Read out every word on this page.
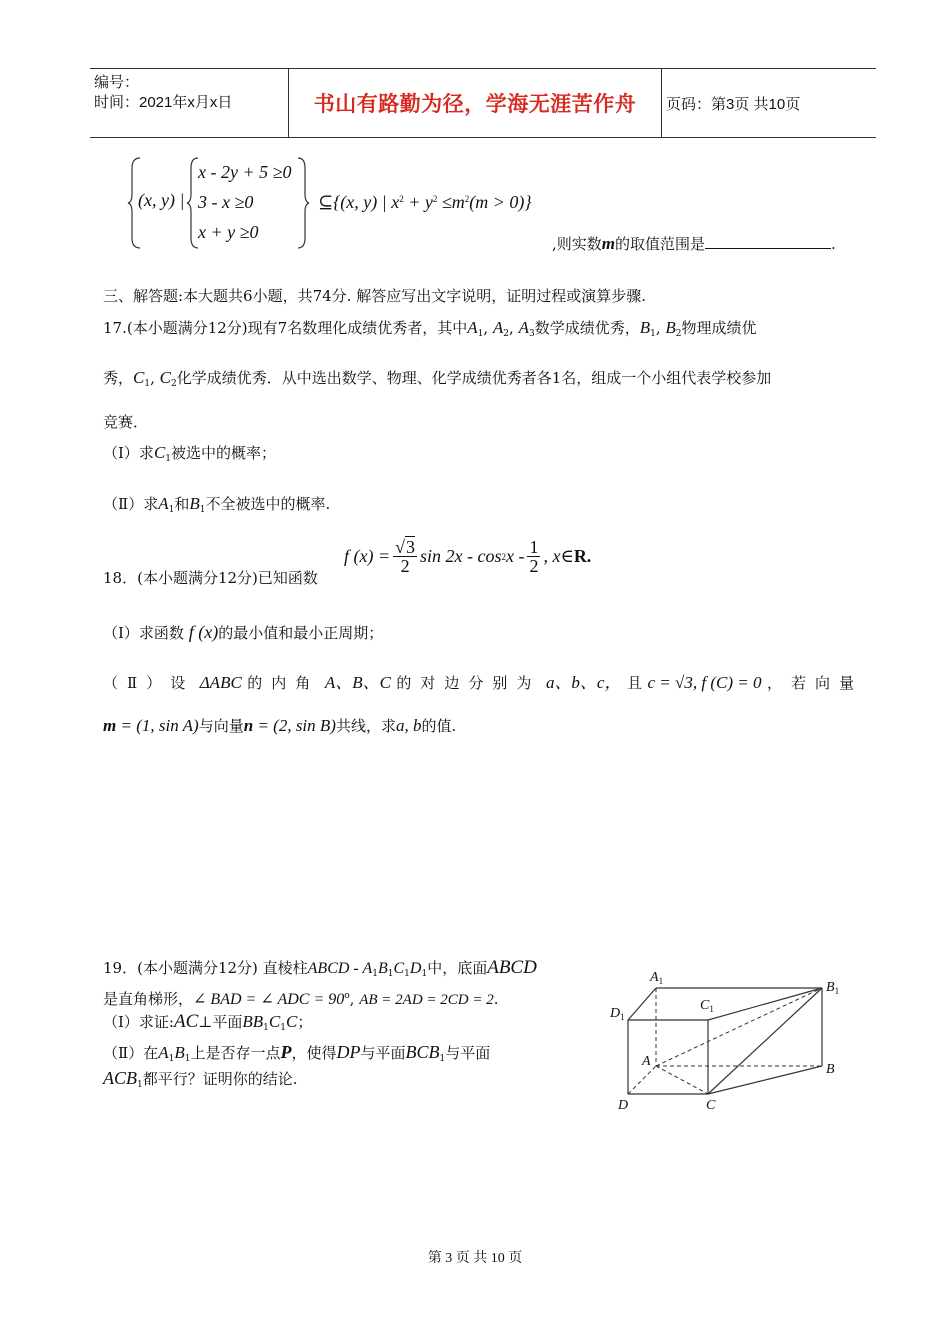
编号：
时间：2021年x月x日	书山有路勤为径，学海无涯苦作舟 页码：第3页 共10页
(x, y) |
x - 2y + 5 ≥0
3 - x ≥0
x + y ≥0
⊆{(x, y) | $x^2 + y^2 \le m^2(m > 0)$}
,则实数m的取值范围是	.
三、解答题:本大题共6小题，共74分. 解答应写出文字说明，证明过程或演算步骤.
17.(本小题满分12分)现有7名数理化成绩优秀者，其中$A_1$, $A_2$, $A_3$数学成绩优秀，$B_1$, $B_2$物理成绩优
秀，$C_1$, $C_2$化学成绩优秀．从中选出数学、物理、化学成绩优秀者各1名，组成一个小组代表学校参加
竞赛．
（Ⅰ）求$C_1$被选中的概率；
（Ⅱ）求$A_1$和$B_1$不全被选中的概率.
18．(本小题满分12分)已知函数
f $(x) = \frac{√3}{2}$ sin 2x - cos 2 x - $\frac{1}{2}$ , x∈ R.
（Ⅰ）求函数 f (x)的最小值和最小正周期；
（Ⅱ）设 ΔABC 的内角 A、B、C 的对边分别为 a、b、c， 且 c = √3, f (C) = 0 ，若向量
m = (1, sin A)与向量n = (2, sin B)共线，求a, b的值.
19．(本小题满分12分) 直棱柱ABCD - $A_1B_1C_1D_1$中，底面ABCD
是直角梯形，∠ BAD = ∠ ADC = $90^o$, AB = 2AD = 2CD = 2.
（Ⅰ）求证:AC⊥平面$BB_1C_1C$；
（Ⅱ）在$A_1B_1$上是否存一点P，使得DP与平面$BCB_1$与平面
$ACB_1$都平行？证明你的结论.
$A_1$	$B_1$
$C_1$
$D_1$
A
B
C
D
第 3 页 共 10 页
